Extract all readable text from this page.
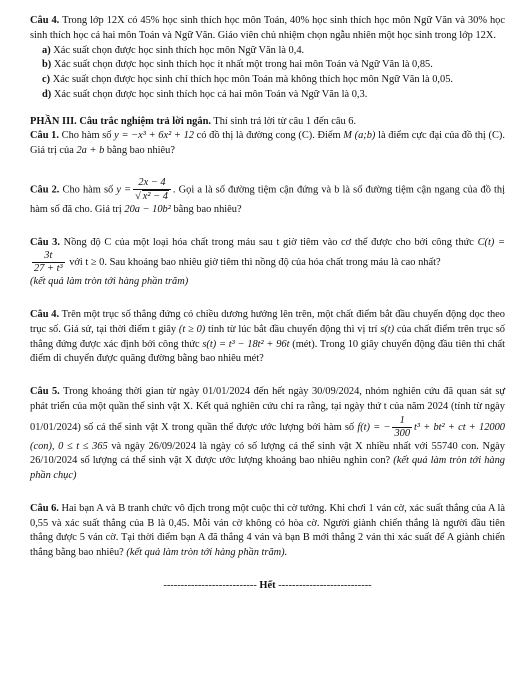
Câu 4. Trong lớp 12X có 45% học sinh thích học môn Toán, 40% học sinh thích học môn Ngữ Văn và 30% học sinh thích học cả hai môn Toán và Ngữ Văn. Giáo viên chủ nhiệm chọn ngẫu nhiên một học sinh trong lớp 12X.

a) Xác suất chọn được học sinh thích học môn Ngữ Văn là 0,4.

b) Xác suất chọn được học sinh thích học ít nhất một trong hai môn Toán và Ngữ Văn là 0,85.

c) Xác suất chọn được học sinh chỉ thích học môn Toán mà không thích học môn Ngữ Văn là 0,05.

d) Xác suất chọn được học sinh thích học cả hai môn Toán và Ngữ Văn là 0,3.

PHẦN III. Câu trắc nghiệm trả lời ngắn. Thí sinh trả lời từ câu 1 đến câu 6.

Câu 1. Cho hàm số y = −x³ + 6x² + 12 có đồ thị là đường cong (C). Điểm M (a;b) là điểm cực đại của đồ thị (C). Giá trị của 2a + b bằng bao nhiêu?

Câu 2. Cho hàm số $y = \frac{2x - 4}{\text{√ x² − 4}}$ . Gọi a là số đường tiệm cận đứng và b là số đường tiệm cận ngang của đồ thị hàm số đã cho. Giá trị 20a − 10b² bằng bao nhiêu?

Câu 3. Nồng độ C của một loại hóa chất trong máu sau t giờ tiêm vào cơ thể được cho bởi công thức C(t) =
$\frac{3t}{\text{27 + t³}}$ với t ≥ 0. Sau khoảng bao nhiêu giờ tiêm thì nồng độ của hóa chất trong máu là cao nhất?
(kết quả làm tròn tới hàng phần trăm)

Câu 4. Trên một trục số thẳng đứng có chiều dương hướng lên trên, một chất điểm bắt đầu chuyển động dọc theo trục số. Giả sử, tại thời điểm t giây (t ≥ 0) tính từ lúc bắt đầu chuyển động thì vị trí s(t) của chất điểm trên trục số thẳng đứng được xác định bởi công thức s(t) = t³ − 18t² + 96t (mét). Trong 10 giây chuyển động đầu tiên thì chất điểm di chuyển được quãng đường bằng bao nhiêu mét?

Câu 5. Trong khoảng thời gian từ ngày 01/01/2024 đến hết ngày 30/09/2024, nhóm nghiên cứu đã quan sát sự phát triển của một quần thể sinh vật X. Kết quả nghiên cứu chỉ ra rằng, tại ngày thứ t của năm 2024 (tính từ ngày 01/01/2024) số cá thể sinh vật X trong quần thể được ước lượng bởi hàm số f(t) = − $\frac{1}{300} t^3 + bt^2$ + ct + 12000 (con), 0 ≤ t ≤ 365 và ngày 26/09/2024 là ngày có số lượng cá thể sinh vật X nhiều nhất với 55740 con. Ngày 26/10/2024 số lượng cá thể sinh vật X được ước lượng khoảng bao nhiêu nghìn con? (kết quả làm tròn tới hàng phần chục)

Câu 6. Hai bạn A và B tranh chức vô địch trong một cuộc thi cờ tướng. Khi chơi 1 ván cờ, xác suất thắng của A là 0,55 và xác suất thắng của B là 0,45. Mỗi ván cờ không có hòa cờ. Người giành chiến thắng là người đầu tiên thắng được 5 ván cờ. Tại thời điểm bạn A đã thắng 4 ván và bạn B mới thắng 2 ván thì xác suất để A giành chiến thắng bằng bao nhiêu? (kết quả làm tròn tới hàng phần trăm).

--------------------------- Hết ---------------------------
